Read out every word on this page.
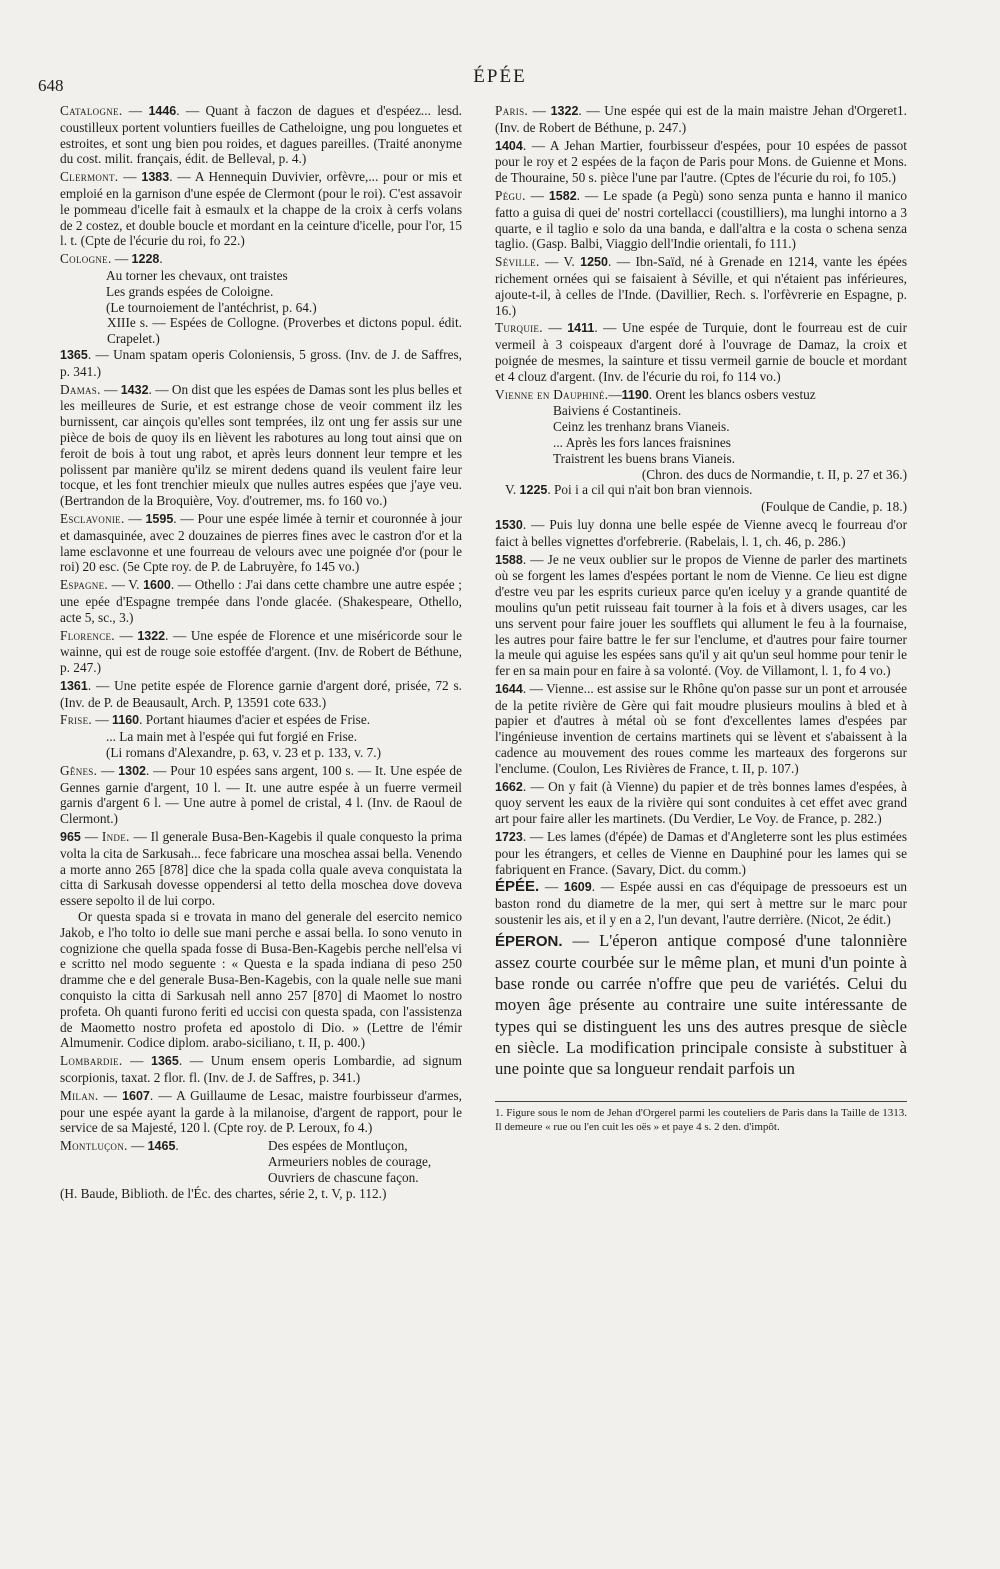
648	ÉPÉE

Catalogne. — 1446. — Quant à faczon de dagues et d'espéez... lesd. coustilleux portent voluntiers fueilles de Catheloigne, ung pou longuetes et estroites, et sont ung bien pou roides, et dagues pareilles. (Traité anonyme du cost. milit. français, édit. de Belleval, p. 4.)

Clermont. — 1383. — A Hennequin Duvivier, orfèvre,... pour or mis et emploié en la garnison d'une espée de Clermont (pour le roi). C'est assavoir le pommeau d'icelle fait à esmaulx et la chappe de la croix à cerfs volans de 2 costez, et double boucle et mordant en la ceinture d'icelle, pour l'or, 15 l. t. (Cpte de l'écurie du roi, fo 22.)

Cologne. — 1228.
Au torner les chevaux, ont traistes
Les grands espées de Coloigne.
(Le tournoiement de l'antéchrist, p. 64.)
XIIIe s. — Espées de Collogne. (Proverbes et dictons popul. édit. Crapelet.)
1365. — Unam spatam operis Coloniensis, 5 gross. (Inv. de J. de Saffres, p. 341.)

Damas. — 1432. — On dist que les espées de Damas sont les plus belles et les meilleures de Surie, et est estrange chose de veoir comment ilz les burnissent, car ainçois qu'elles sont temprées, ilz ont ung fer assis sur une pièce de bois de quoy ils en lièvent les rabotures au long tout ainsi que on feroit de bois à tout ung rabot, et après leurs donnent leur tempre et les polissent par manière qu'ilz se mirent dedens quand ils veulent faire leur tocque, et les font trenchier mieulx que nulles autres espées que j'aye veu. (Bertrandon de la Broquière, Voy. d'outremer, ms. fo 160 vo.)

Esclavonie. — 1595. — Pour une espée limée à ternir et couronnée à jour et damasquinée, avec 2 douzaines de pierres fines avec le castron d'or et la lame esclavonne et une fourreau de velours avec une poignée d'or (pour le roi) 20 esc. (5e Cpte roy. de P. de Labruyère, fo 145 vo.)

Espagne. — V. 1600. — Othello : J'ai dans cette chambre une autre espée ; une epée d'Espagne trempée dans l'onde glacée. (Shakespeare, Othello, acte 5, sc., 3.)

Florence. — 1322. — Une espée de Florence et une miséricorde sour le wainne, qui est de rouge soie estoffée d'argent. (Inv. de Robert de Béthune, p. 247.)
1361. — Une petite espée de Florence garnie d'argent doré, prisée, 72 s. (Inv. de P. de Beausault, Arch. P, 13591 cote 633.)
Frise. — 1160. Portant hiaumes d'acier et espées de Frise.
... La main met à l'espée qui fut forgié en Frise.
(Li romans d'Alexandre, p. 63, v. 23 et p. 133, v. 7.)

Gênes. — 1302. — Pour 10 espées sans argent, 100 s. — It. Une espée de Gennes garnie d'argent, 10 l. — It. une autre espée à un fuerre vermeil garnis d'argent 6 l. — Une autre à pomel de cristal, 4 l. (Inv. de Raoul de Clermont.)

965 — Inde. — Il generale Busa-Ben-Kagebis il quale conquesto la prima volta la cita de Sarkusah... fece fabricare una moschea assai bella. Venendo a morte anno 265 [878] dice che la spada colla quale aveva conquistata la citta di Sarkusah dovesse oppendersi al tetto della moschea dove doveva essere sepolto il de lui corpo.
Or questa spada si e trovata in mano del generale del esercito nemico Jakob, e l'ho tolto io delle sue mani perche e assai bella. Io sono venuto in cognizione che quella spada fosse di Busa-Ben-Kagebis perche nell'elsa vi e scritto nel modo seguente : « Questa e la spada indiana di peso 250 dramme che e del generale Busa-Ben-Kagebis, con la quale nelle sue mani conquisto la citta di Sarkusah nell anno 257 [870] di Maomet lo nostro profeta. Oh quanti furono feriti ed uccisi con questa spada, con l'assistenza de Maometto nostro profeta ed apostolo di Dio. » (Lettre de l'émir Almumenir. Codice diplom. arabo-siciliano, t. II, p. 400.)

Lombardie. — 1365. — Unum ensem operis Lombardie, ad signum scorpionis, taxat. 2 flor. fl. (Inv. de J. de Saffres, p. 341.)

Milan. — 1607. — A Guillaume de Lesac, maistre fourbisseur d'armes, pour une espée ayant la garde à la milanoise, d'argent de rapport, pour le service de sa Majesté, 120 l. (Cpte roy. de P. Leroux, fo 4.)

Montluçon. — 1465.	Des espées de Montluçon,
Armeuriers nobles de courage,
Ouvriers de chascune façon.
(H. Baude, Biblioth. de l'Éc. des chartes, série 2, t. V, p. 112.)
Paris. — 1322. — Une espée qui est de la main maistre Jehan d'Orgeret1. (Inv. de Robert de Béthune, p. 247.)
1404. — A Jehan Martier, fourbisseur d'espées, pour 10 espées de passot pour le roy et 2 espées de la façon de Paris pour Mons. de Guienne et Mons. de Thouraine, 50 s. pièce l'une par l'autre. (Cptes de l'écurie du roi, fo 105.)

Pégu. — 1582. — Le spade (a Pegù) sono senza punta e hanno il manico fatto a guisa di quei de' nostri cortellacci (coustilliers), ma lunghi intorno a 3 quarte, e il taglio e solo da una banda, e dall'altra e la costa o schena senza taglio. (Gasp. Balbi, Viaggio dell'Indie orientali, fo 111.)

Séville. — V. 1250. — Ibn-Saïd, né à Grenade en 1214, vante les épées richement ornées qui se faisaient à Séville, et qui n'étaient pas inférieures, ajoute-t-il, à celles de l'Inde. (Davillier, Rech. s. l'orfèvrerie en Espagne, p. 16.)

Turquie. — 1411. — Une espée de Turquie, dont le fourreau est de cuir vermeil à 3 coispeaux d'argent doré à l'ouvrage de Damaz, la croix et poignée de mesmes, la sainture et tissu vermeil garnie de boucle et mordant et 4 clouz d'argent. (Inv. de l'écurie du roi, fo 114 vo.)

Vienne en Dauphiné.—1190. Orent les blancs osbers vestuz
Baiviens é Costantineis.
Ceinz les trenhanz brans Vianeis.
... Après les fors lances fraisnines
Traistrent les buens brans Vianeis.
(Chron. des ducs de Normandie, t. II, p. 27 et 36.)
V. 1225. Poi i a cil qui n'ait bon bran viennois.
(Foulque de Candie, p. 18.)
1530. — Puis luy donna une belle espée de Vienne avecq le fourreau d'or faict à belles vignettes d'orfebrerie. (Rabelais, l. 1, ch. 46, p. 286.)
1588. — Je ne veux oublier sur le propos de Vienne de parler des martinets où se forgent les lames d'espées portant le nom de Vienne. Ce lieu est digne d'estre veu par les esprits curieux parce qu'en iceluy y a grande quantité de moulins qu'un petit ruisseau fait tourner à la fois et à divers usages, car les uns servent pour faire jouer les soufflets qui allument le feu à la fournaise, les autres pour faire battre le fer sur l'enclume, et d'autres pour faire tourner la meule qui aguise les espées sans qu'il y ait qu'un seul homme pour tenir le fer en sa main pour en faire à sa volonté. (Voy. de Villamont, l. 1, fo 4 vo.)
1644. — Vienne... est assise sur le Rhône qu'on passe sur un pont et arrousée de la petite rivière de Gère qui fait moudre plusieurs moulins à bled et à papier et d'autres à métal où se font d'excellentes lames d'espées par l'ingénieuse invention de certains martinets qui se lèvent et s'abaissent à la cadence au mouvement des roues comme les marteaux des forgerons sur l'enclume. (Coulon, Les Rivières de France, t. II, p. 107.)
1662. — On y fait (à Vienne) du papier et de très bonnes lames d'espées, à quoy servent les eaux de la rivière qui sont conduites à cet effet avec grand art pour faire aller les martinets. (Du Verdier, Le Voy. de France, p. 282.)
1723. — Les lames (d'épée) de Damas et d'Angleterre sont les plus estimées pour les étrangers, et celles de Vienne en Dauphiné pour les lames qui se fabriquent en France. (Savary, Dict. du comm.)

ÉPÉE. — 1609. — Espée aussi en cas d'équipage de pressoeurs est un baston rond du diametre de la mer, qui sert à mettre sur le marc pour soustenir les ais, et il y en a 2, l'un devant, l'autre derrière. (Nicot, 2e édit.)

ÉPERON. — L'éperon antique composé d'une talonnière assez courte courbée sur le même plan, et muni d'un pointe à base ronde ou carrée n'offre que peu de variétés. Celui du moyen âge présente au contraire une suite intéressante de types qui se distinguent les uns des autres presque de siècle en siècle. La modification principale consiste à substituer à une pointe que sa longueur rendait parfois un

1. Figure sous le nom de Jehan d'Orgerel parmi les couteliers de Paris dans la Taille de 1313. Il demeure « rue ou l'en cuit les oës » et paye 4 s. 2 den. d'impôt.
